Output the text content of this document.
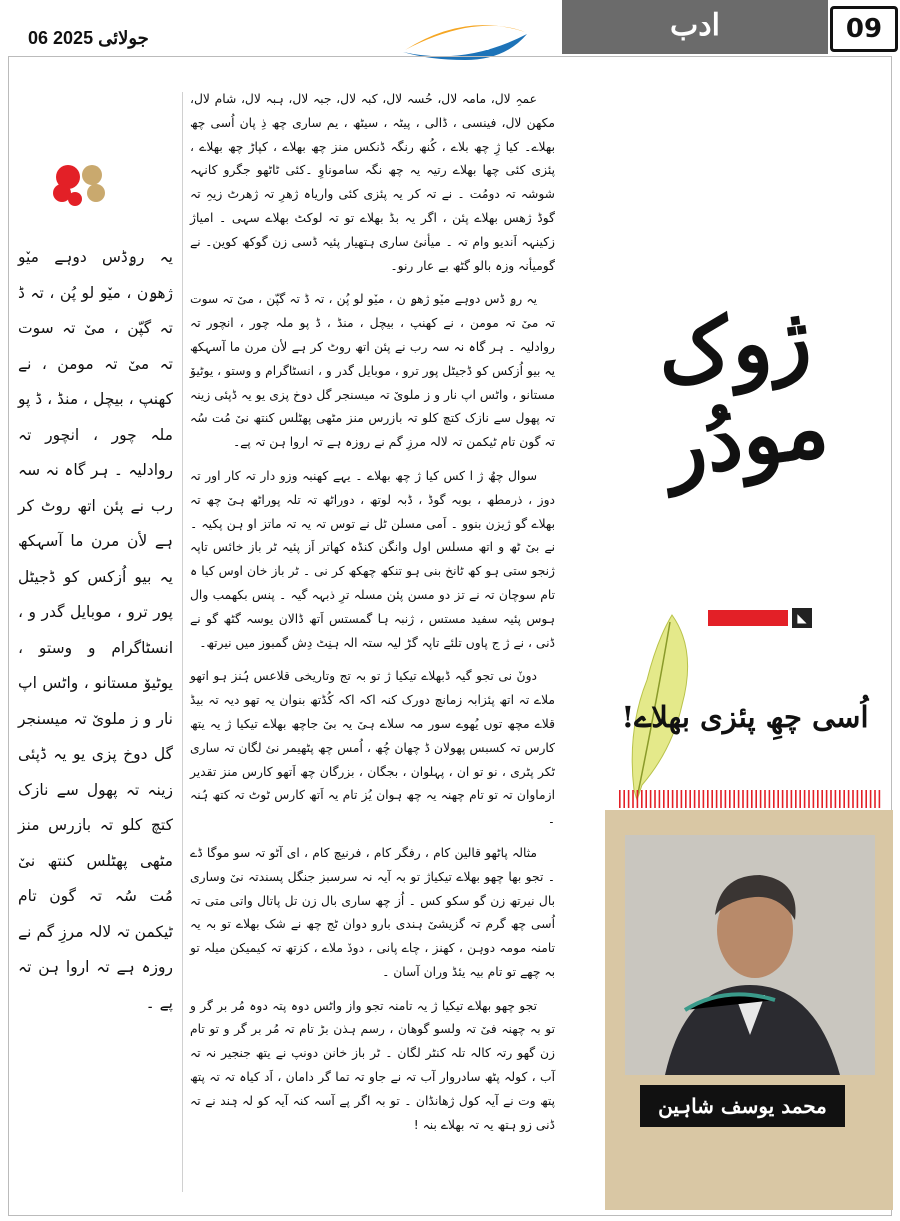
06 جولائی 2025	سنگم	ادب	09

یہ رۄڈس دوہے میٚو ژھۄن ، میٚو لو پُن ، تہ ڈ تہ گپّن ، میٚ تہ سوت تہ میٚ تہ مومن ، نے کھنپ ، بیچل ، منڈ ، ڈ پو ملہ چور ، انچور تہ روادلیہ ۔ ہر گاہ نہ سہ رب نے پئن اتھ روٹ کر ہے لأن مرن ما آسہکھ یہ بیو اُزکس کو ڈجیٹل پور ترو ، موبایل گدر و ، انسٹاگرام و وستو ، یوٹیوٚ مستانو ، واٹس اپ نار و ز ملویٚ تہ میسنجر گل دوخ پزی یو یہ ڈپئی زینہ تہ پھول سے نازک کتچ کلو تہ بازرس منز مٹھی پھٹلس کنتھ نیٚ مُت سُہ تہ گون تام ٹیکمن تہ لالہ مرزِ گم نے روزہ ہے تہ اروا ہن تہ پے ۔

عمہِ لال، مامہ لال، حُسہ لال، کبہ لال، جبہ لال، ہبہ لال، شام لال، مکھن لال، فینسی ، ڈالی ، پیٹہ ، سیٹھ ، یم ساری چھ ذِ پان اُسی چھ بھلاے۔ کیا ژِ چھ بلاے ، کُنھ رنگہ ڈنکس منز چھ بھلاے ، کپاڑ چھ بھلاے ، پئزی کئی چھا بھلاے رتیہ یہ چھ نگہ ساموناوِ ۔کئی ٹاٹھو جگرو کانہہ شوشہ تہ دومُت ۔ نے تہ کر یہ پئزی کئی واریاہ ژھرِ تہ ژھرٹ زیہِ تہ گوڈ ژھس بھلاے پئن ، اگر یہ بڈ بھلاے تو تہ لوکٹ بھلاے سہی ۔ امیاژ زکینہہ اَندیو وام تہ ۔ میأنئ ساری ہتھیار پئیہ ڈسی زن گوکھ کوین۔ نے گومیأنہ وزہ بالو گٹھ بے عار رنو۔

یہ رۄ ڈس دوہے میٚو ژھۄ ن ، میٚو لو پُن ، تہ ڈ تہ گپّن ، میٚ تہ سوت تہ میٚ تہ مومن ، نے کھنپ ، بیچل ، منڈ ، ڈ پو ملہ چور ، انچور تہ روادلیہ ۔ ہر گاہ نہ سہ رب نے پئن اتھ روٹ کر ہے لأن مرن ما آسہکھ یہ بیو اُزکس کو ڈجیٹل پور ترو ، موبایل گدر و ، انسٹاگرام و وستو ، یوٹیوٚ مستانو ، واٹس اپ نار و ز ملویٚ تہ میسنجر گل دوخ پزی یو یہ ڈپئی زینہ تہ پھول سے نازک کتچ کلو تہ بازرس منز مٹھی پھٹلس کنتھ نیٚ مُت سُہ تہ گون تام ٹیکمن تہ لالہ مرزِ گم نے روزہ ہے تہ اروا ہن تہ پے۔

سوال چھُ ژ ا کس کیا ژ چھ بھلاے ۔ یہے کھنبہ وزو دار تہ کار اور تہ دوز ، ذرمطھ ، بوبہ گوڈ ، ڈبہ لوتھ ، دوراٹھ تہ تلہ پوراٹھ ہیٚ چھ تہ بھلاے گو ژیزن بنوو ۔ اَمی مسلن ٹل نے توس تہ یہ تہ ماتز او ہن پکیہ ۔ نے بیٚ ٹھ و اتھ مسلس اول وانگن کنڈہ کھاتر اَز پئیہ ٹر باز خائس تاپہ ژنجو ستی ہو کھ ٹانخ بنی ہو تنکھ چھکھ کر نی ۔ ٹر باز خان اوس کیا ہ تام سوچان تہ نے تز دو مسن پئن مسلہ ترِ ذبہہ گیہ ۔ پنس بکھمب وال ہوس پئیہ سفید مستس ، ژنبہ ہا گمستس اَتھ ڈالان یوسہ گٹھ گو نے ڈنی ، نے ژ ج پاوں تلئے تاپہ گڑ لیہ ستہ الہ ہنِٹ دِش گمبوز میں نیرتھ۔

دونٚ نی تجو گیہ ڈبھلاے تیکیا ژ تو بہ تج وتاریخی قلاعس ہُنز ہو اتھو ملاے تہ اتھ پئزابہ زمانچ دورک کنہ اکہ اکہ کُڈتھ بنوان یہ تھو دیہ تہ بیڈ قلاے مچھ توں یُھوے سور مہ سلاے ہیٚ یہ بیٚ جاچھ بھلاے تیکیا ژ یہ یتھ کارس تہ کسبس پھولان ڈ چھان چُھ ، اُمس چھ پٹھیمر نئ لگان تہ ساری ٹکر پٹری ، نو تو ان ، پہلوان ، بجگان ، بزرگان چھ اَتھو کارس منز تقدیر ازماوان تہ تو تام چھنہ یہ چھ ہوان یُز تام یہ اَتھ کارس ٹوٹ تہ کتھ ہُنہ ۔

مثالہ پاٹھو قالین کام ، رفگر کام ، فرنیچ کام ، ای آٹو تہ سو موگا ڈے ۔ تجو بھا چھو بھلاے تیکیاژ تو بہ آیہ نہ سرسبز جنگل پسندتہ نیٚ وساری بال نیرتھ زن گو سکو کس ۔ اُز چھ ساری بال زن تل پاتال واتی متی تہ اُسی چھ گرم تہ گزیشیٚ ہندی بارو دوان ٹج چھ نے شک بھلاے تو بہ یہ تامنہ مومہ دوہن ، کھنز ، چاے پانی ، دودٚ ملاے ، کزتھ تہ کیمیکن میلہ تو بہ چھے تو تام بیہ یئڈ وران آسان ۔

تجو چھو بھلاے تیکیا ژ یہ تامنہ تجو واز واٹس دوہ پتہ دوہ مُر بر گر و تو بہ چھنہ فیٚ تہ ولسو گوھان ، رسم ہذن بڑ تام تہ مُر بر گر و تو تام زن گھو رتہ کالہ تلہ کنٹر لگان ۔ ٹر باز خانن دونپ نے یتھ جنجیر نہ تہ آب ، کولہ پٹھ سادروار آب تہ نے جاو تہ تما گر دامان ، اَد کیاہ تہ تہ پتھ پتھ وت نے آیہ کول ژھانڈان ۔ تو بہ اگر پے آسہ کنہ آیہ کو لہ ہٚند نے تہ ڈنی زو ہتھ یہ تہ بھلاے بنہ !

ژوک مودُر
◣
اُسی چھِ پئزی بھلاے!
محمد یوسف شاہین
